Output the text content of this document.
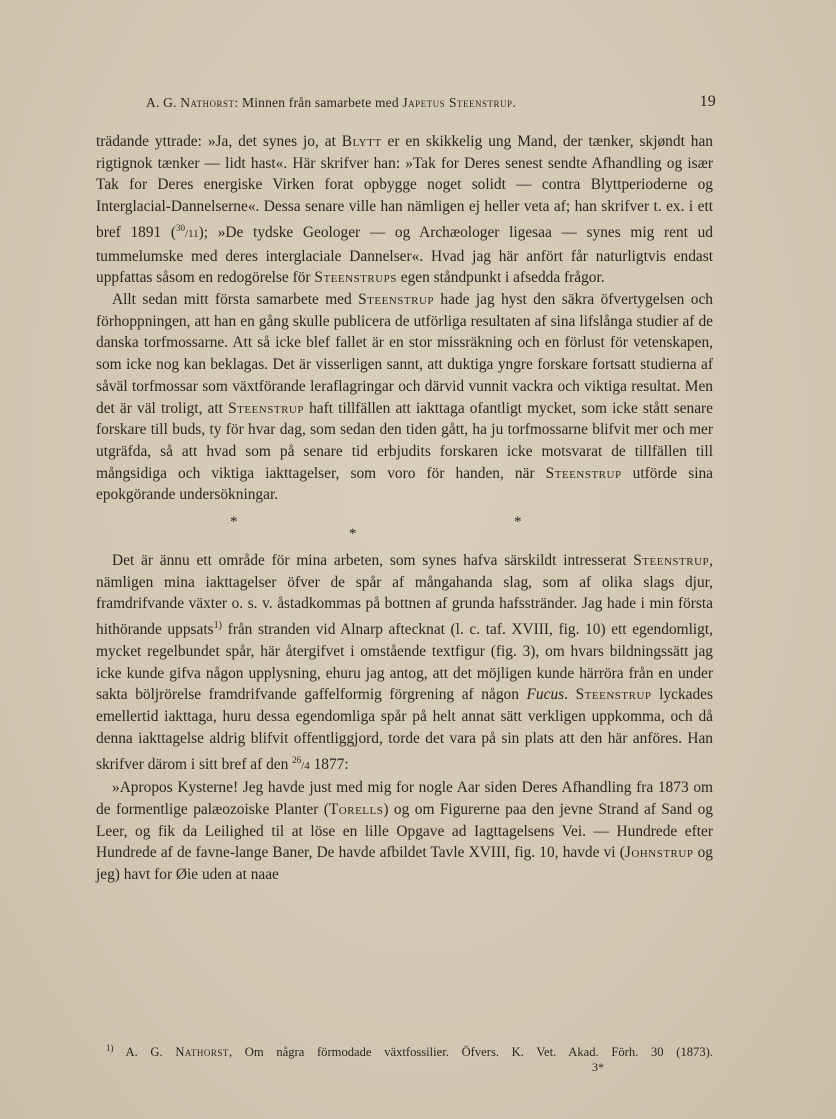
A. G. Nathorst: Minnen från samarbete med Japetus Steenstrup.	19

trädande yttrade: »Ja, det synes jo, at Blytt er en skikkelig ung Mand, der tænker, skjøndt han rigtignok tænker — lidt hast«. Här skrifver han: »Tak for Deres senest sendte Afhandling og især Tak for Deres energiske Virken forat opbygge noget solidt — contra Blyttperioderne og Interglacial-Dannelserne«. Dessa senare ville han nämligen ej heller veta af; han skrifver t. ex. i ett bref 1891 ($^{30}$/11); »De tydske Geologer — og Archæologer ligesaa — synes mig rent ud tummelumske med deres interglaciale Dannelser«. Hvad jag här anfört får naturligtvis endast uppfattas såsom en redogörelse för Steenstrups egen ståndpunkt i afsedda frågor.

Allt sedan mitt första samarbete med Steenstrup hade jag hyst den säkra öfvertygelsen och förhoppningen, att han en gång skulle publicera de utförliga resultaten af sina lifslånga studier af de danska torfmossarne. Att så icke blef fallet är en stor missräkning och en förlust för vetenskapen, som icke nog kan beklagas. Det är visserligen sannt, att duktiga yngre forskare fortsatt studierna af såväl torfmossar som växtförande leraflagringar och därvid vunnit vackra och viktiga resultat. Men det är väl troligt, att Steenstrup haft tillfällen att iakttaga ofantligt mycket, som icke stått senare forskare till buds, ty för hvar dag, som sedan den tiden gått, ha ju torfmossarne blifvit mer och mer utgräfda, så att hvad som på senare tid erbjudits forskaren icke motsvarat de tillfällen till mångsidiga och viktiga iakttagelser, som voro för handen, när Steenstrup utförde sina epokgörande undersökningar.

*
*
*

Det är ännu ett område för mina arbeten, som synes hafva särskildt intresserat Steenstrup, nämligen mina iakttagelser öfver de spår af mångahanda slag, som af olika slags djur, framdrifvande växter o. s. v. åstadkommas på bottnen af grunda hafsstränder. Jag hade i min första hithörande uppsats$^{1)}$ från stranden vid Alnarp aftecknat (l. c. taf. XVIII, fig. 10) ett egendomligt, mycket regelbundet spår, här återgifvet i omstående textfigur (fig. 3), om hvars bildningssätt jag icke kunde gifva någon upplysning, ehuru jag antog, att det möjligen kunde härröra från en under sakta böljrörelse framdrifvande gaffelformig förgrening af någon Fucus. Steenstrup lyckades emellertid iakttaga, huru dessa egendomliga spår på helt annat sätt verkligen uppkomma, och då denna iakttagelse aldrig blifvit offentliggjord, torde det vara på sin plats att den här anföres. Han skrifver därom i sitt bref af den $^{26}$/4 1877:

»Apropos Kysterne! Jeg havde just med mig for nogle Aar siden Deres Afhandling fra 1873 om de formentlige palæozoiske Planter (Torells) og om Figurerne paa den jevne Strand af Sand og Leer, og fik da Leilighed til at löse en lille Opgave ad Iagttagelsens Vei. — Hundrede efter Hundrede af de favne-lange Baner, De havde afbildet Tavle XVIII, fig. 10, havde vi (Johnstrup og jeg) havt for Øie uden at naae

$^{1)}$ A. G. Nathorst, Om några förmodade växtfossilier. Öfvers. K. Vet. Akad. Förh. 30 (1873).
3*
